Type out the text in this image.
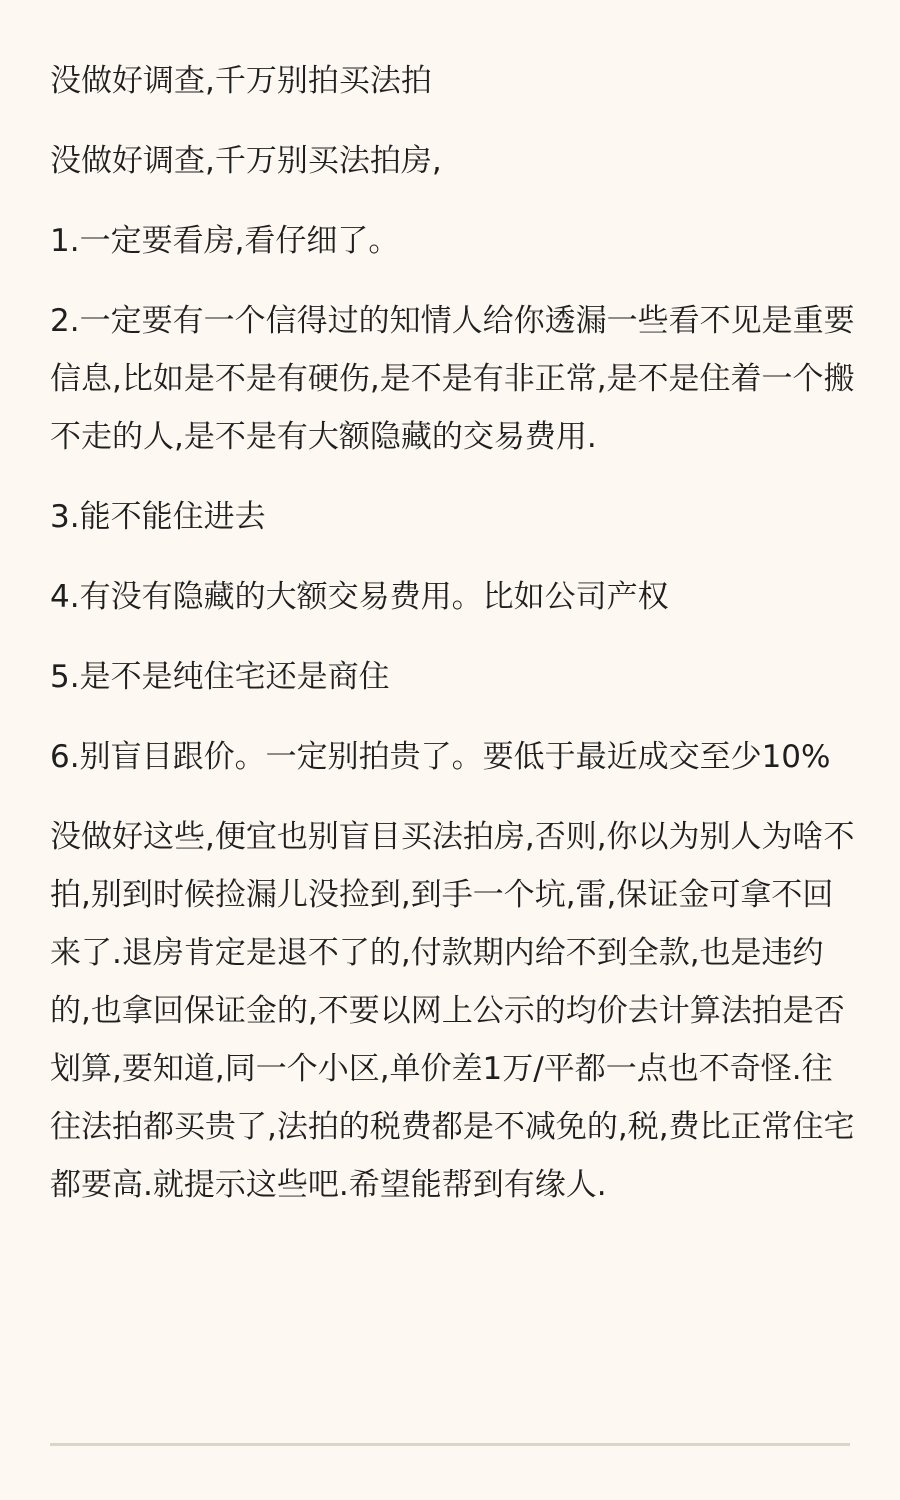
没做好调查,千万别拍买法拍

没做好调查,千万别买法拍房,

1.一定要看房,看仔细了。

2.一定要有一个信得过的知情人给你透漏一些看不见是重要信息,比如是不是有硬伤,是不是有非正常,是不是住着一个搬不走的人,是不是有大额隐藏的交易费用.

3.能不能住进去

4.有没有隐藏的大额交易费用。比如公司产权

5.是不是纯住宅还是商住

6.别盲目跟价。一定别拍贵了。要低于最近成交至少10%

没做好这些,便宜也别盲目买法拍房,否则,你以为别人为啥不拍,别到时候捡漏儿没捡到,到手一个坑,雷,保证金可拿不回来了.退房肯定是退不了的,付款期内给不到全款,也是违约的,也拿回保证金的,不要以网上公示的均价去计算法拍是否划算,要知道,同一个小区,单价差1万/平都一点也不奇怪.往往法拍都买贵了,法拍的税费都是不减免的,税,费比正常住宅都要高.就提示这些吧.希望能帮到有缘人.
